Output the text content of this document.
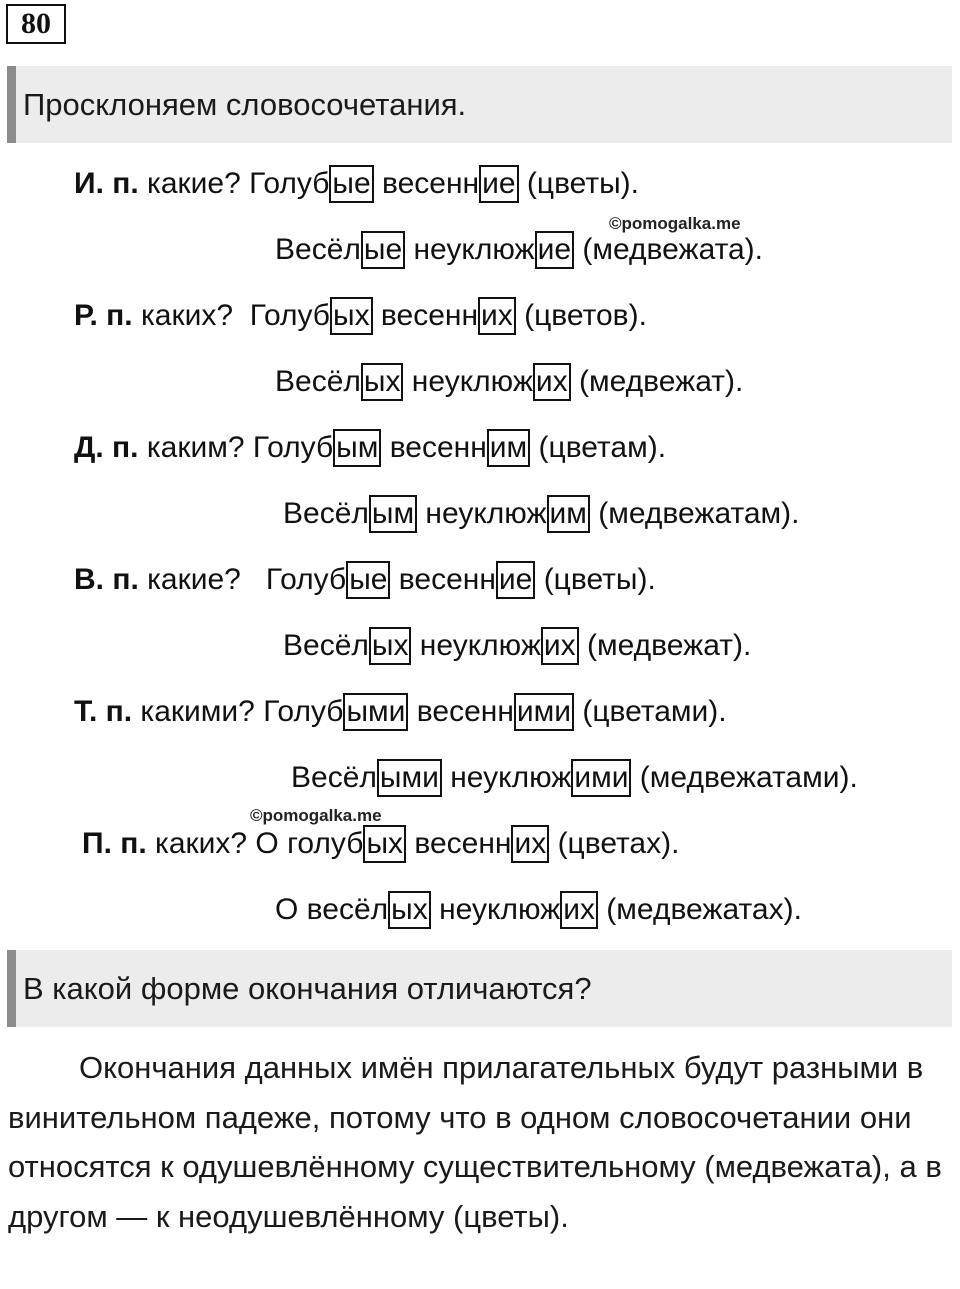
80
Просклоняем словосочетания.
И. п. какие? Голуб ые весенн ие (цветы).
©pomogalka.me
Весёл ые неуклюж ие (медвежата).
Р. п. каких? Голуб ых весенн их (цветов).
Весёл ых неуклюж их (медвежат).
Д. п. каким? Голуб ым весенн им (цветам).
Весёл ым неуклюж им (медвежатам).
В. п. какие? Голуб ые весенн ие (цветы).
Весёл ых неуклюж их (медвежат).
Т. п. какими? Голуб ыми весенн ими (цветами).
Весёл ыми неуклюж ими (медвежатами).
©pomogalka.me
П. п. каких? О голуб ых весенн их (цветах).
О весёл ых неуклюж их (медвежатах).
В какой форме окончания отличаются?
Окончания данных имён прилагательных будут разными в винительном падеже, потому что в одном словосочетании они относятся к одушевлённому существительному (медвежата), а в другом — к неодушевлённому (цветы).
